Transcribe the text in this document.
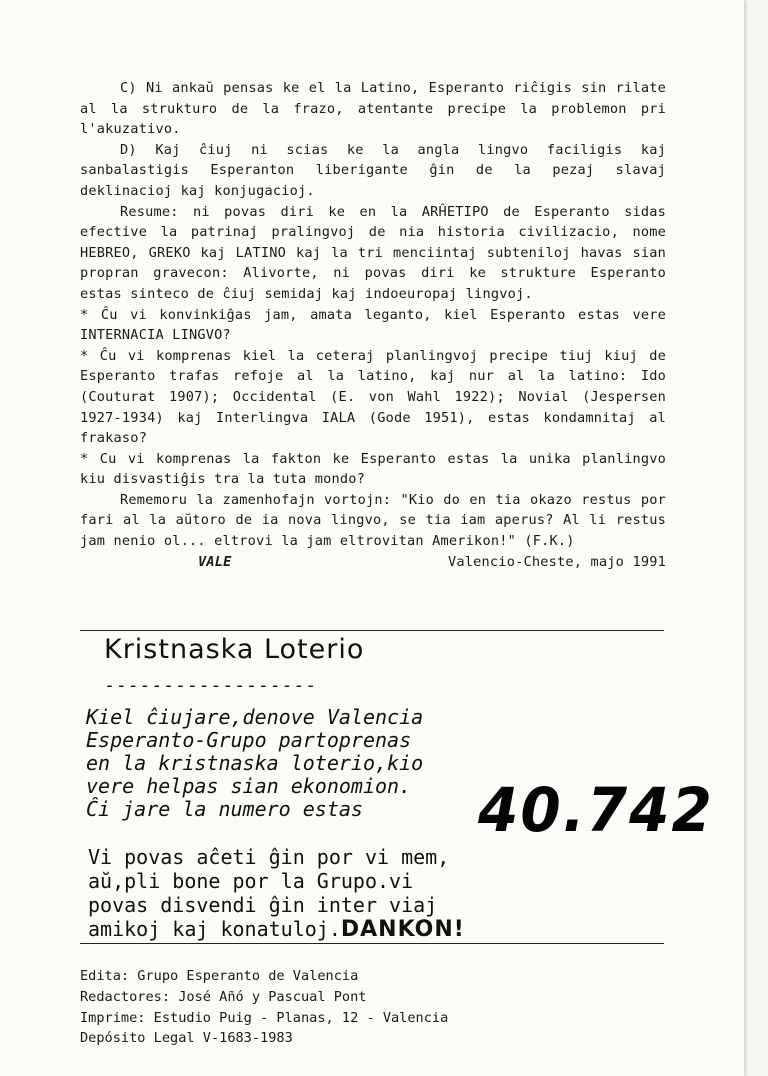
C) Ni ankaŭ pensas ke el la Latino, Esperanto riĉigis sin rilate al la strukturo de la frazo, atentante precipe la problemon pri l'akuzativo.

D) Kaj ĉiuj ni scias ke la angla lingvo faciligis kaj sanbalastigis Esperanton liberigante ĝin de la pezaj slavaj deklinacioj kaj konjugacioj.

Resume: ni povas diri ke en la ARĤETIPO de Esperanto sidas efective la patrinaj pralingvoj de nia historia civilizacio, nome HEBREO, GREKO kaj LATINO kaj la tri menciintaj subteniloj havas sian propran gravecon: Alivorte, ni povas diri ke strukture Esperanto estas sinteco de ĉiuj semidaj kaj indoeuropaj lingvoj.

* Ĉu vi konvinkiĝas jam, amata leganto, kiel Esperanto estas vere INTERNACIA LINGVO?

* Ĉu vi komprenas kiel la ceteraj planlingvoj precipe tiuj kiuj de Esperanto trafas refoje al la latino, kaj nur al la latino: Ido (Couturat 1907); Occidental (E. von Wahl 1922); Novial (Jespersen 1927-1934) kaj Interlingva IALA (Gode 1951), estas kondamnitaj al frakaso?

* Cu vi komprenas la fakton ke Esperanto estas la unika planlingvo kiu disvastiĝis tra la tuta mondo?

Rememoru la zamenhofajn vortojn: "Kio do en tia okazo restus por fari al la aŭtoro de ia nova lingvo, se tia iam aperus? Al li restus jam nenio ol... eltrovi la jam eltrovitan Amerikon!" (F.K.)

VALE	Valencio-Cheste, majo 1991
Kristnaska Loterio
------------------
Kiel ĉiujare,denove Valencia
Esperanto-Grupo partoprenas
en la kristnaska loterio,kio
vere helpas sian ekonomion.
Ĉi jare la numero estas	40.742
Vi povas aĉeti ĝin por vi mem,
aŭ,pli bone por la Grupo.vi
povas disvendi ĝin inter viaj
amikoj kaj konatuloj.DANKON!
Edita: Grupo Esperanto de Valencia
Redactores: José Añó y Pascual Pont
Imprime: Estudio Puig - Planas, 12 - Valencia
Depósito Legal V-1683-1983
